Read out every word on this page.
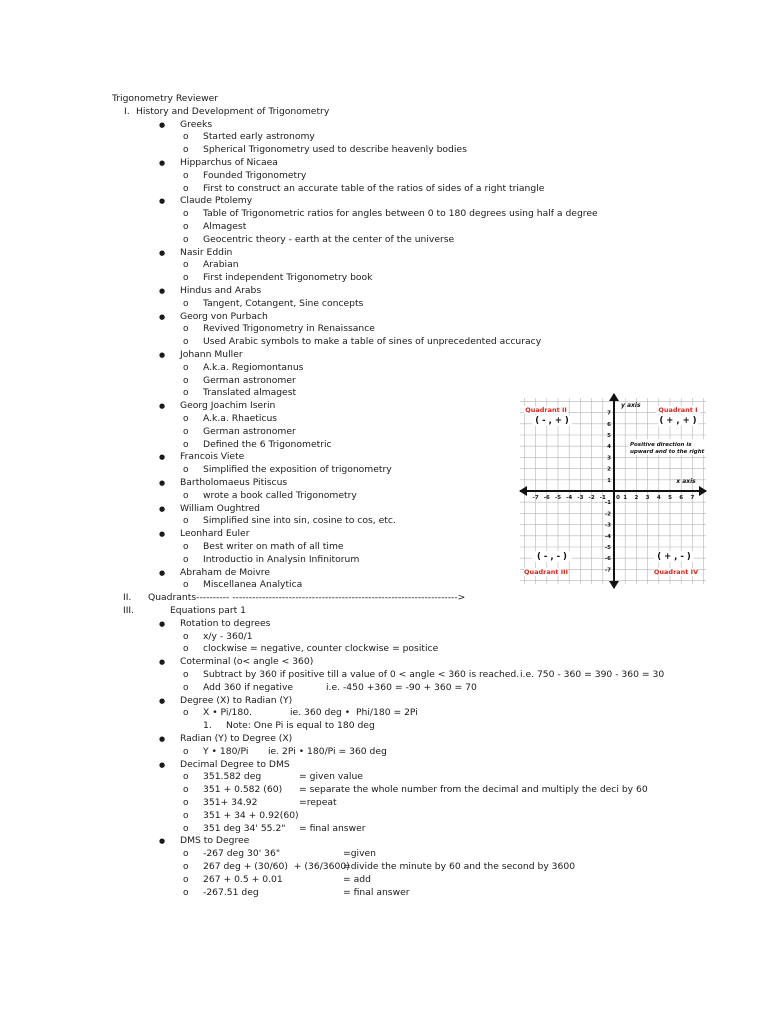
Trigonometry Reviewer
I. History and Development of Trigonometry
● Greeks
o Started early astronomy
o Spherical Trigonometry used to describe heavenly bodies
● Hipparchus of Nicaea
o Founded Trigonometry
o First to construct an accurate table of the ratios of sides of a right triangle
● Claude Ptolemy
o Table of Trigonometric ratios for angles between 0 to 180 degrees using half a degree
o Almagest
o Geocentric theory - earth at the center of the universe
● Nasir Eddin
o Arabian
o First independent Trigonometry book
● Hindus and Arabs
o Tangent, Cotangent, Sine concepts
● Georg von Purbach
o Revived Trigonometry in Renaissance
o Used Arabic symbols to make a table of sines of unprecedented accuracy
● Johann Muller
o A.k.a. Regiomontanus
o German astronomer
o Translated almagest
● Georg Joachim Iserin
o A.k.a. Rhaeticus
o German astronomer
o Defined the 6 Trigonometric
● Francois Viete
o Simplified the exposition of trigonometry
● Bartholomaeus Pitiscus
o wrote a book called Trigonometry
● William Oughtred
o Simplified sine into sin, cosine to cos, etc.
● Leonhard Euler
o Best writer on math of all time
o Introductio in Analysin Infinitorum
● Abraham de Moivre
o Miscellanea Analytica
II. Quadrants---------- -------------------------------------------------------------------->
III.	Equations part 1
● Rotation to degrees
o x/y - 360/1
o clockwise = negative, counter clockwise = positice
● Coterminal (o< angle < 360)
o Subtract by 360 if positive till a value of 0 < angle < 360 is reached. i.e. 750 - 360 = 390 - 360 = 30
o Add 360 if negative	i.e. -450 +360 = -90 + 360 = 70
● Degree (X) to Radian (Y)
o X • Pi/180.	ie. 360 deg •  Phi/180 = 2Pi
1. Note: One Pi is equal to 180 deg
● Radian (Y) to Degree (X)
o Y • 180/Pi ie. 2Pi • 180/Pi = 360 deg
● Decimal Degree to DMS
o 351.582 deg	= given value
o 351 + 0.582 (60) = separate the whole number from the decimal and multiply the deci by 60
o 351+ 34.92	=repeat
o 351 + 34 + 0.92(60)
o 351 deg 34' 55.2" = final answer
● DMS to Degree
o -267 deg 30' 36"	=given
o 267 deg + (30/60)  + (36/3600)
=divide the minute by 60 and the second by 3600
o 267 + 0.5 + 0.01	= add
o -267.51 deg	= final answer
-7 -6 -5 -4 -3 -2 -1 0 1 2 3 4 5 6 7
7
6
5
4
3
2
1
-1
-2
-3
-4
-5
-6
-7
y axis
x axis
Quadrant II	Quadrant I
Quadrant III	Quadrant IV
( - , + )	( + , + )
( - , - )	( + , - )
Positive direction is
upward and to the right
